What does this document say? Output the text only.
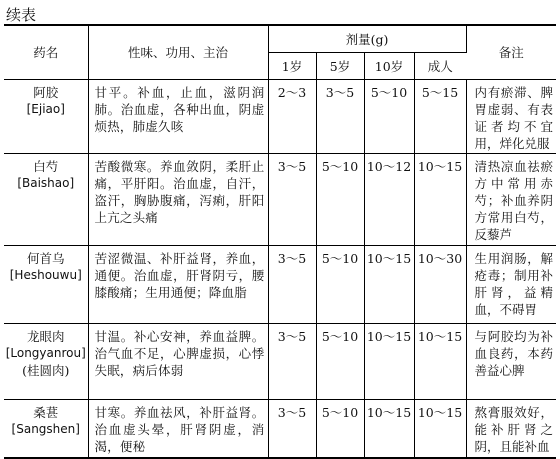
续表
药名	性味、功用、主治	剂量(g)				备注
		1岁	5岁	10岁	成人	

阿胶
[Ejiao]	甘平。补血，止血，滋阴润肺。治血虚，各种出血，阴虚烦热，肺虚久咳	2～3	3～5	5～10	5～15	内有瘀滞、脾胃虚弱、有表证者均不宜用，烊化兑服

白芍
[Baishao]	苦酸微寒。养血敛阴，柔肝止痛，平肝阳。治血虚，自汗，盗汗，胸胁腹痛，泻痢，肝阳上亢之头痛	3～5	5～10	10～12	10～15	清热凉血祛瘀方中常用赤芍；补血养阴方常用白芍，反藜芦

何首乌
[Heshouwu]	苦涩微温、补肝益肾，养血，通便。治血虚，肝肾阴亏，腰膝酸痛；生用通便；降血脂	3～5	5～10	10～15	10～30	生用润肠，解疮毒；制用补肝肾，益精血，不碍胃

龙眼肉
[Longyanrou]
(桂圆肉)	甘温。补心安神，养血益脾。治气血不足，心脾虚损，心悸失眠，病后体弱	3～5	5～10	10～15	10～15	与阿胶均为补血良药，本药善益心脾

桑葚
[Sangshen]	甘寒。养血祛风，补肝益肾。治血虚头晕，肝肾阴虚，消渴，便秘	3～5	5～10	10～15	10～15	熬膏服效好，能补肝肾之阴，且能补血
